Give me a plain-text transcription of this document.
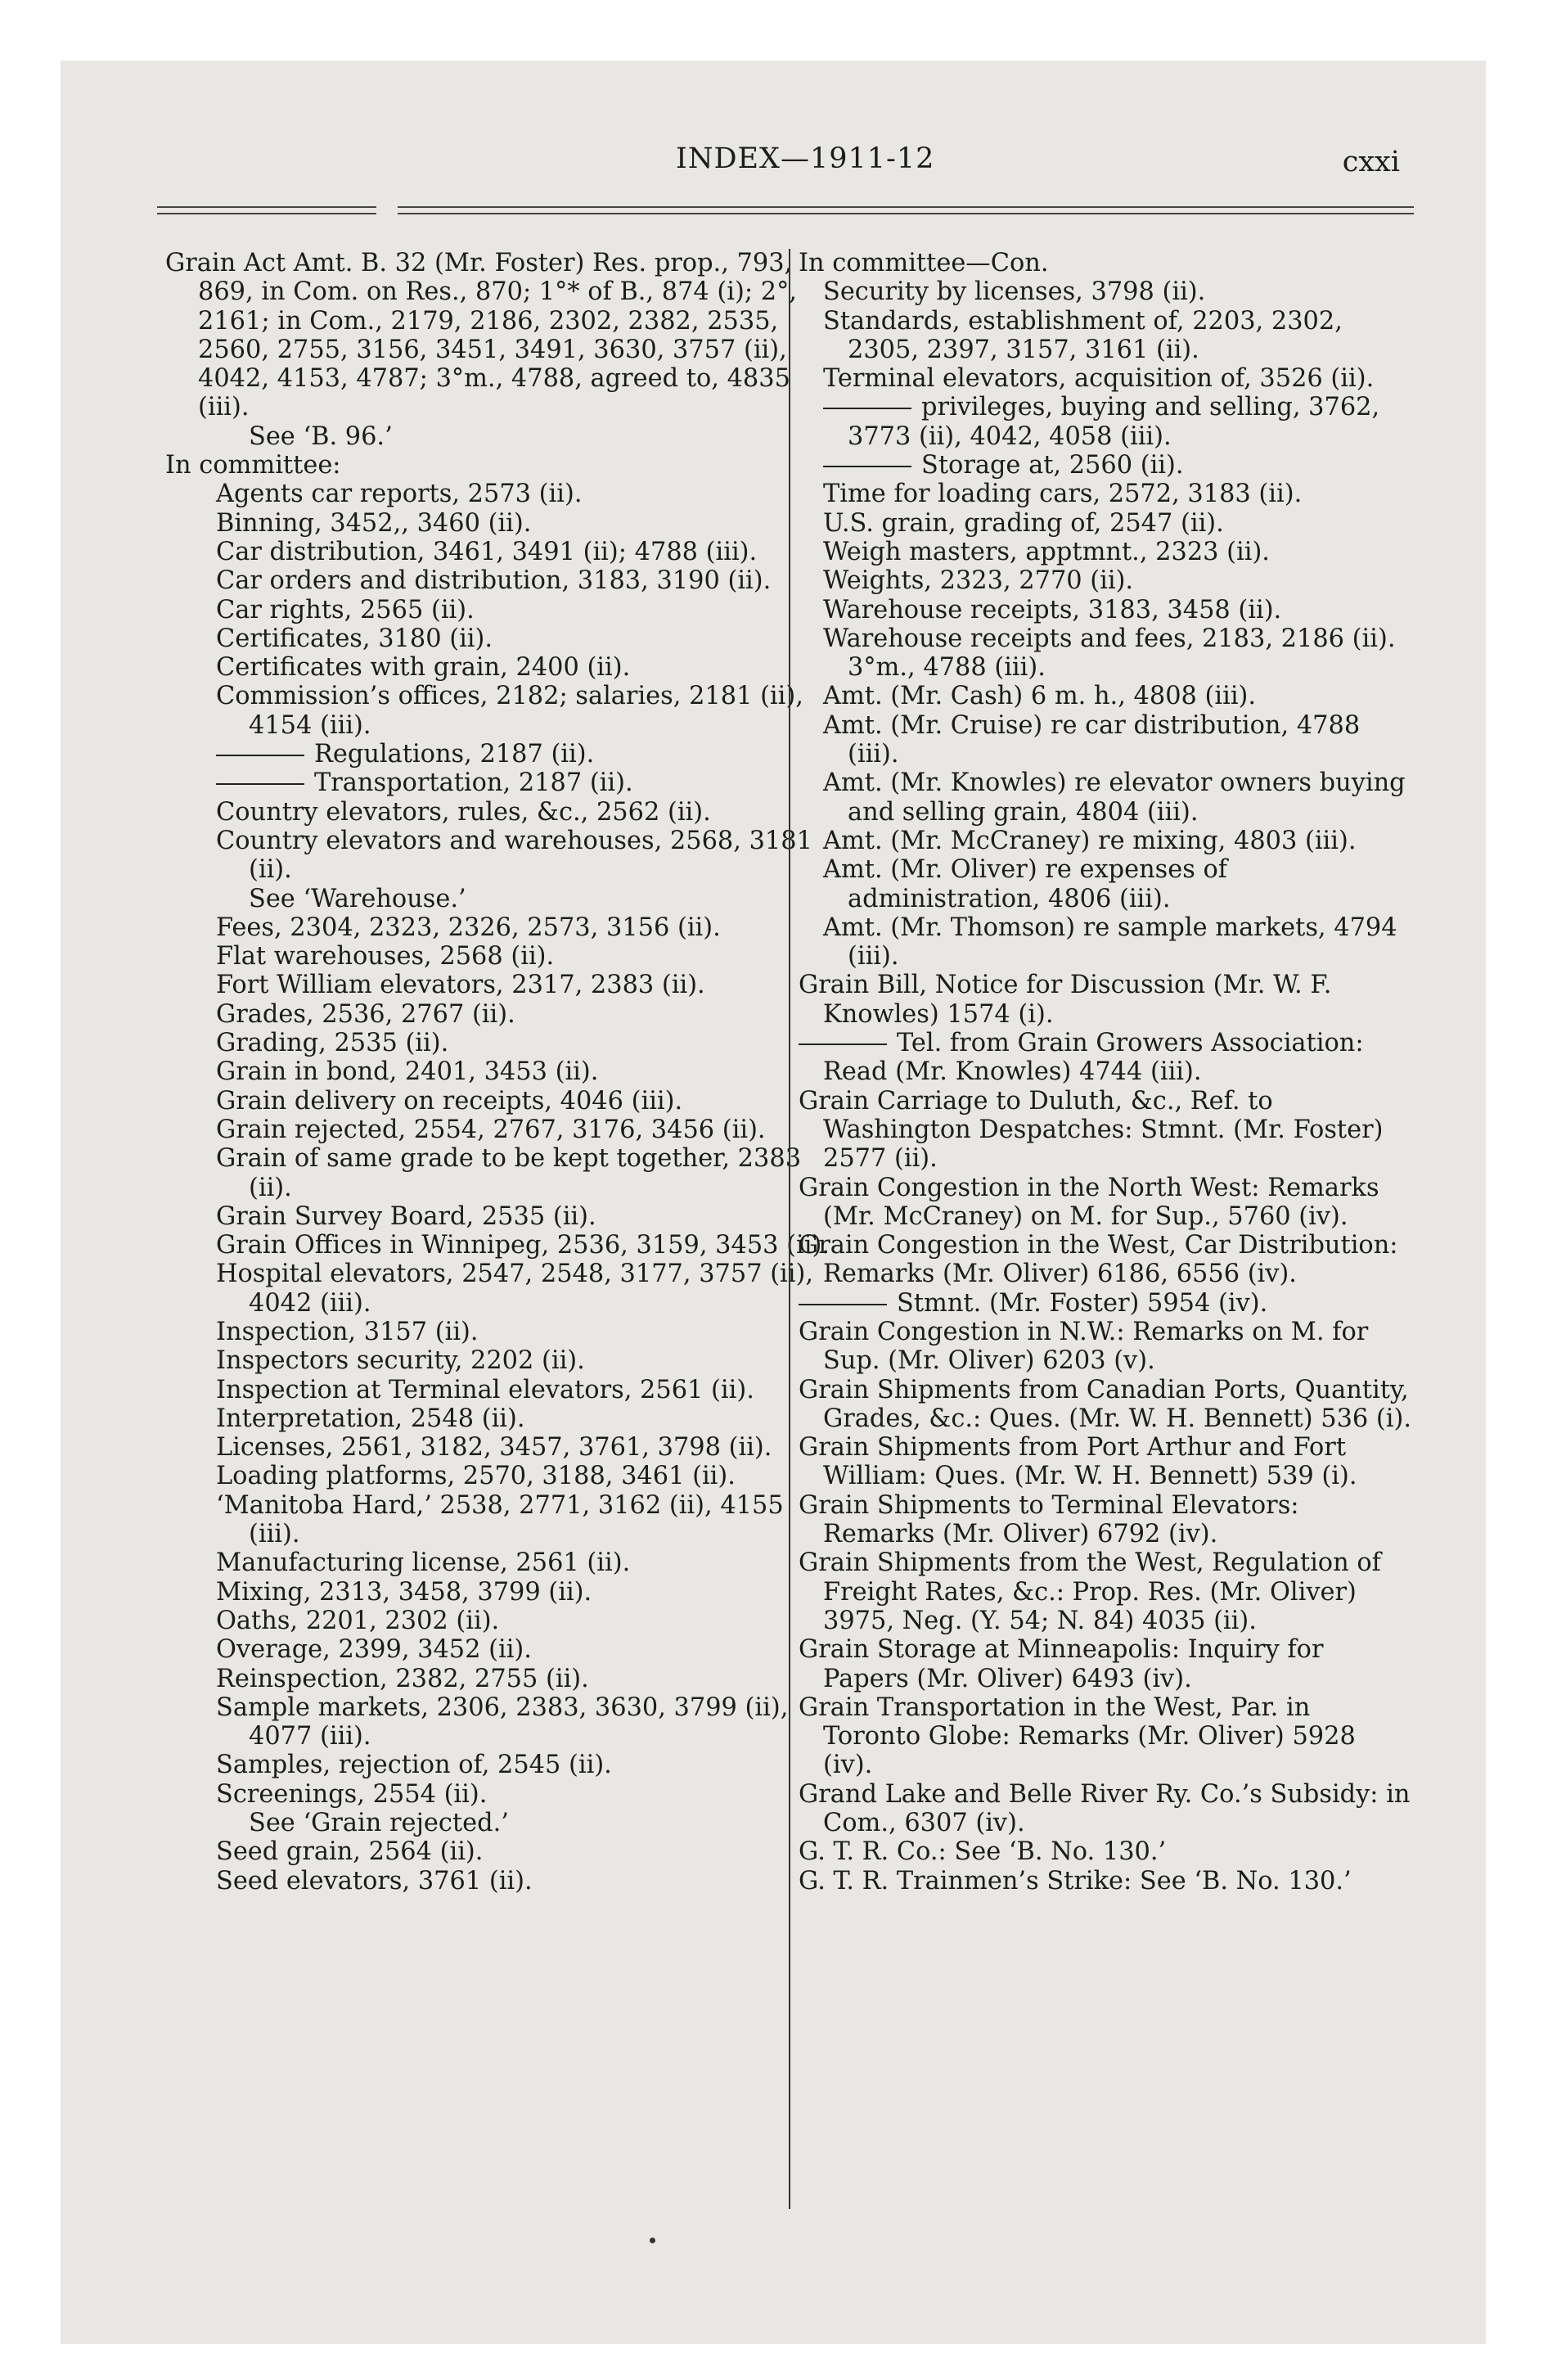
INDEX—1911-12	cxxi

Grain Act Amt. B. 32 (Mr. Foster) Res. prop., 793, 869, in Com. on Res., 870; 1°* of B., 874 (i); 2°, 2161; in Com., 2179, 2186, 2302, 2382, 2535, 2560, 2755, 3156, 3451, 3491, 3630, 3757 (ii), 4042, 4153, 4787; 3°m., 4788, agreed to, 4835 (iii).

See ‘B. 96.’

In committee:

Agents car reports, 2573 (ii).

Binning, 3452,, 3460 (ii).

Car distribution, 3461, 3491 (ii); 4788 (iii).

Car orders and distribution, 3183, 3190 (ii).

Car rights, 2565 (ii).

Certificates, 3180 (ii).

Certificates with grain, 2400 (ii).

Commission’s offices, 2182; salaries, 2181 (ii), 4154 (iii).

Regulations, 2187 (ii).

Transportation, 2187 (ii).

Country elevators, rules, &c., 2562 (ii).

Country elevators and warehouses, 2568, 3181 (ii).

See ‘Warehouse.’

Fees, 2304, 2323, 2326, 2573, 3156 (ii).

Flat warehouses, 2568 (ii).

Fort William elevators, 2317, 2383 (ii).

Grades, 2536, 2767 (ii).

Grading, 2535 (ii).

Grain in bond, 2401, 3453 (ii).

Grain delivery on receipts, 4046 (iii).

Grain rejected, 2554, 2767, 3176, 3456 (ii).

Grain of same grade to be kept together, 2383 (ii).

Grain Survey Board, 2535 (ii).

Grain Offices in Winnipeg, 2536, 3159, 3453 (ii).

Hospital elevators, 2547, 2548, 3177, 3757 (ii), 4042 (iii).

Inspection, 3157 (ii).

Inspectors security, 2202 (ii).

Inspection at Terminal elevators, 2561 (ii).

Interpretation, 2548 (ii).

Licenses, 2561, 3182, 3457, 3761, 3798 (ii).

Loading platforms, 2570, 3188, 3461 (ii).

‘Manitoba Hard,’ 2538, 2771, 3162 (ii), 4155 (iii).

Manufacturing license, 2561 (ii).

Mixing, 2313, 3458, 3799 (ii).

Oaths, 2201, 2302 (ii).

Overage, 2399, 3452 (ii).

Reinspection, 2382, 2755 (ii).

Sample markets, 2306, 2383, 3630, 3799 (ii), 4077 (iii).

Samples, rejection of, 2545 (ii).

Screenings, 2554 (ii).

See ‘Grain rejected.’

Seed grain, 2564 (ii).

Seed elevators, 3761 (ii).

In committee—Con.

Security by licenses, 3798 (ii).

Standards, establishment of, 2203, 2302, 2305, 2397, 3157, 3161 (ii).

Terminal elevators, acquisition of, 3526 (ii).

privileges, buying and selling, 3762, 3773 (ii), 4042, 4058 (iii).

Storage at, 2560 (ii).

Time for loading cars, 2572, 3183 (ii).

U.S. grain, grading of, 2547 (ii).

Weigh masters, apptmnt., 2323 (ii).

Weights, 2323, 2770 (ii).

Warehouse receipts, 3183, 3458 (ii).

Warehouse receipts and fees, 2183, 2186 (ii). 3°m., 4788 (iii).

Amt. (Mr. Cash) 6 m. h., 4808 (iii).

Amt. (Mr. Cruise) re car distribution, 4788 (iii).

Amt. (Mr. Knowles) re elevator owners buying and selling grain, 4804 (iii).

Amt. (Mr. McCraney) re mixing, 4803 (iii).

Amt. (Mr. Oliver) re expenses of administration, 4806 (iii).

Amt. (Mr. Thomson) re sample markets, 4794 (iii).

Grain Bill, Notice for Discussion (Mr. W. F. Knowles) 1574 (i).

Tel. from Grain Growers Association: Read (Mr. Knowles) 4744 (iii).

Grain Carriage to Duluth, &c., Ref. to Washington Despatches: Stmnt. (Mr. Foster) 2577 (ii).

Grain Congestion in the North West: Remarks (Mr. McCraney) on M. for Sup., 5760 (iv).

Grain Congestion in the West, Car Distribution: Remarks (Mr. Oliver) 6186, 6556 (iv).

Stmnt. (Mr. Foster) 5954 (iv).

Grain Congestion in N.W.: Remarks on M. for Sup. (Mr. Oliver) 6203 (v).

Grain Shipments from Canadian Ports, Quantity, Grades, &c.: Ques. (Mr. W. H. Bennett) 536 (i).

Grain Shipments from Port Arthur and Fort William: Ques. (Mr. W. H. Bennett) 539 (i).

Grain Shipments to Terminal Elevators: Remarks (Mr. Oliver) 6792 (iv).

Grain Shipments from the West, Regulation of Freight Rates, &c.: Prop. Res. (Mr. Oliver) 3975, Neg. (Y. 54; N. 84) 4035 (ii).

Grain Storage at Minneapolis: Inquiry for Papers (Mr. Oliver) 6493 (iv).

Grain Transportation in the West, Par. in Toronto Globe: Remarks (Mr. Oliver) 5928 (iv).

Grand Lake and Belle River Ry. Co.’s Subsidy: in Com., 6307 (iv).

G. T. R. Co.: See ‘B. No. 130.’

G. T. R. Trainmen’s Strike: See ‘B. No. 130.’
